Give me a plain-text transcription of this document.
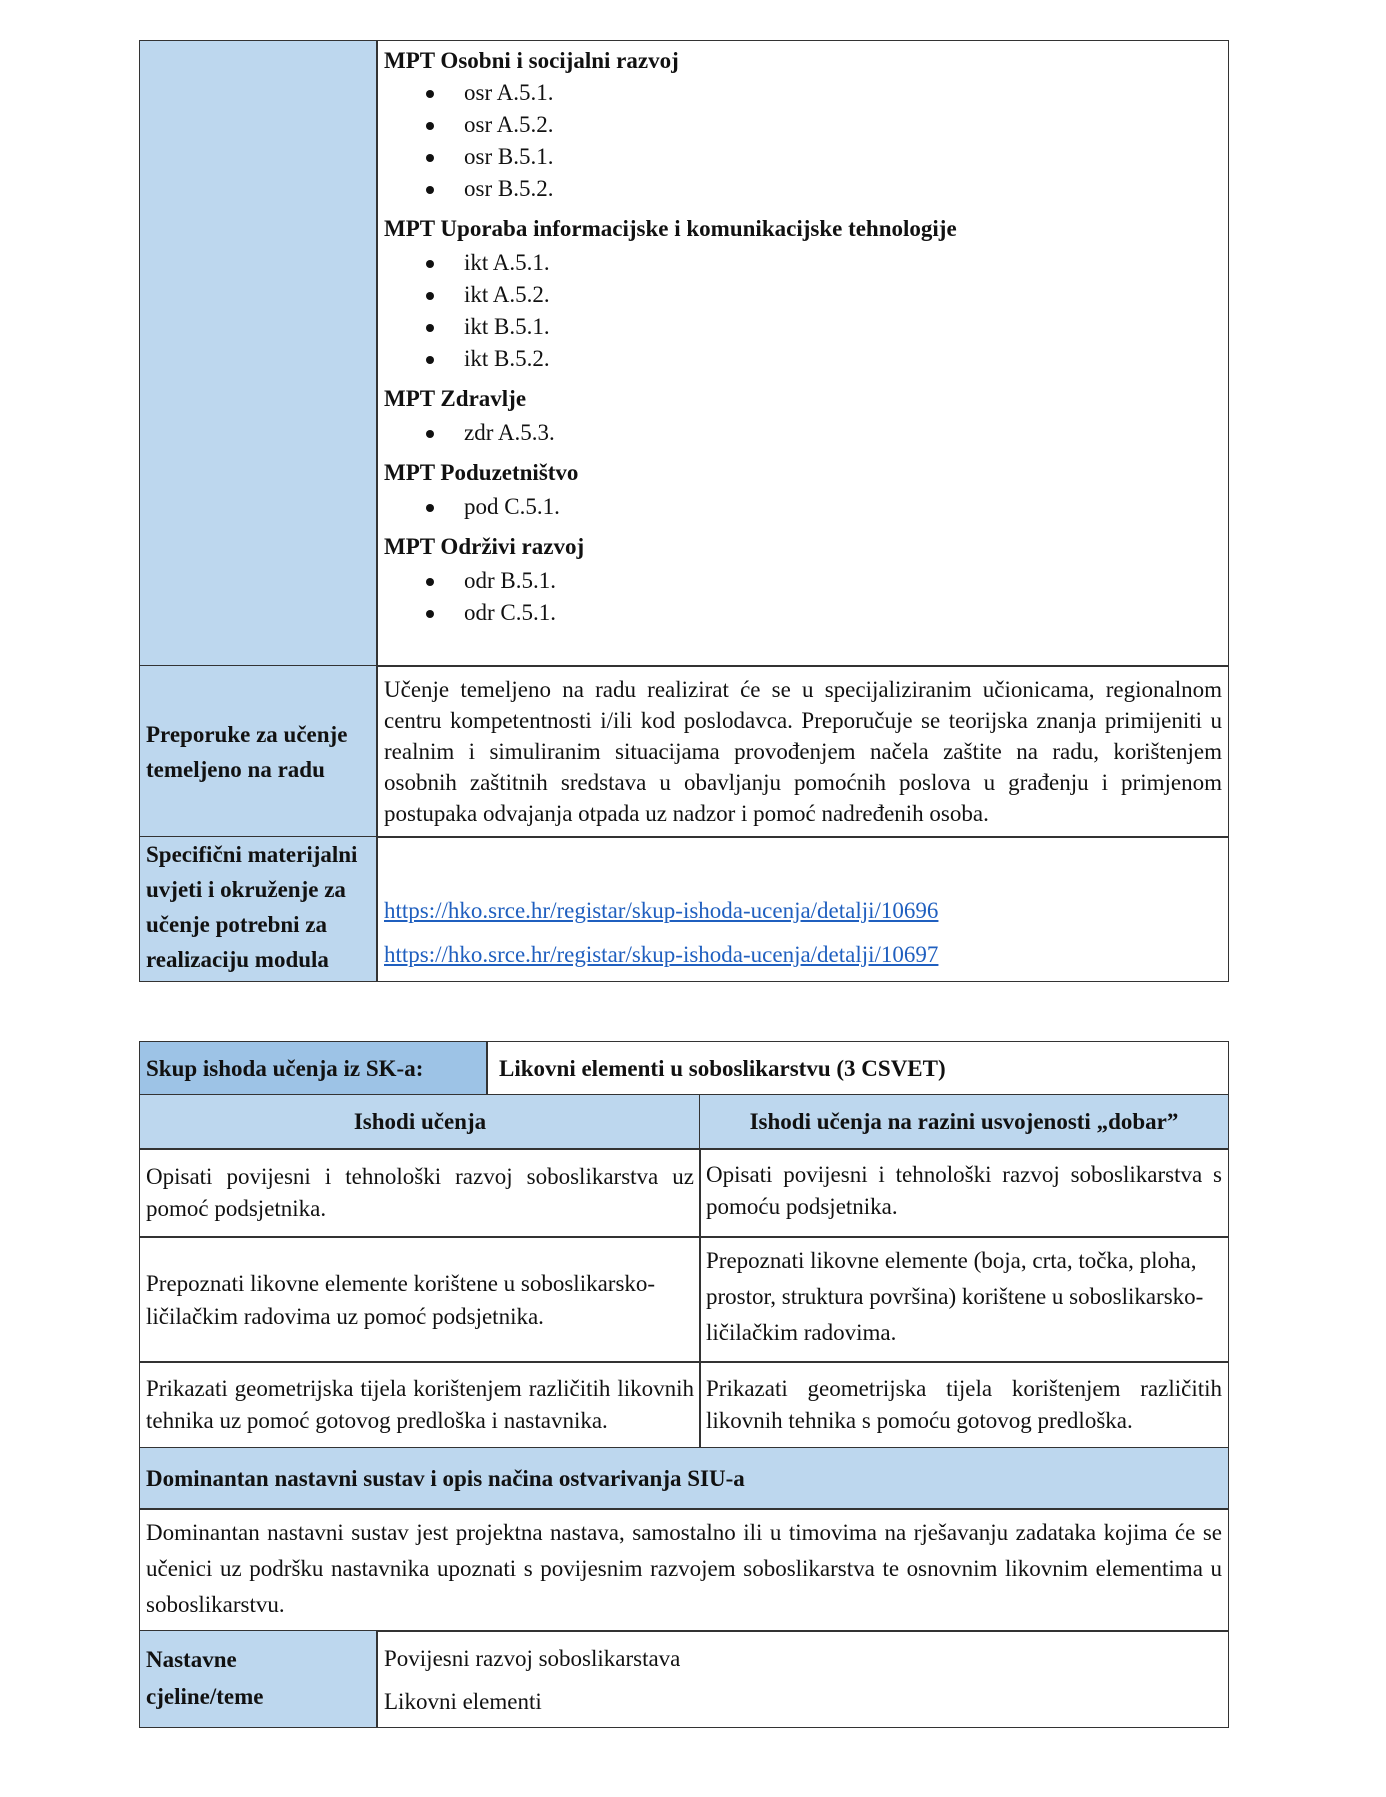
MPT Osobni i socijalni razvoj
osr A.5.1.
osr A.5.2.
osr B.5.1.
osr B.5.2.
MPT Uporaba informacijske i komunikacijske tehnologije
ikt A.5.1.
ikt A.5.2.
ikt B.5.1.
ikt B.5.2.
MPT Zdravlje
zdr A.5.3.
MPT Poduzetništvo
pod C.5.1.
MPT Održivi razvoj
odr B.5.1.
odr C.5.1.
Preporuke za učenje temeljeno na radu
Učenje temeljeno na radu realizirat će se u specijaliziranim učionicama, regionalnom centru kompetentnosti i/ili kod poslodavca. Preporučuje se teorijska znanja primijeniti u realnim i simuliranim situacijama provođenjem načela zaštite na radu, korištenjem osobnih zaštitnih sredstava u obavljanju pomoćnih poslova u građenju i primjenom postupaka odvajanja otpada uz nadzor i pomoć nadređenih osoba.
Specifični materijalni uvjeti i okruženje za učenje potrebni za realizaciju modula
https://hko.srce.hr/registar/skup-ishoda-ucenja/detalji/10696
https://hko.srce.hr/registar/skup-ishoda-ucenja/detalji/10697
Skup ishoda učenja iz SK-a:	Likovni elementi u soboslikarstvu (3 CSVET)
Ishodi učenja	Ishodi učenja na razini usvojenosti „dobar”
Opisati povijesni i tehnološki razvoj soboslikarstva uz pomoć podsjetnika.
Opisati povijesni i tehnološki razvoj soboslikarstva s pomoću podsjetnika.
Prepoznati likovne elemente korištene u soboslikarsko-ličilačkim radovima uz pomoć podsjetnika.
Prepoznati likovne elemente (boja, crta, točka, ploha, prostor, struktura površina) korištene u soboslikarsko-ličilačkim radovima.
Prikazati geometrijska tijela korištenjem različitih likovnih tehnika uz pomoć gotovog predloška i nastavnika.
Prikazati geometrijska tijela korištenjem različitih likovnih tehnika s pomoću gotovog predloška.
Dominantan nastavni sustav i opis načina ostvarivanja SIU-a
Dominantan nastavni sustav jest projektna nastava, samostalno ili u timovima na rješavanju zadataka kojima će se učenici uz podršku nastavnika upoznati s povijesnim razvojem soboslikarstva te osnovnim likovnim elementima u soboslikarstvu.
Nastavne cjeline/teme
Povijesni razvoj soboslikarstava
Likovni elementi
